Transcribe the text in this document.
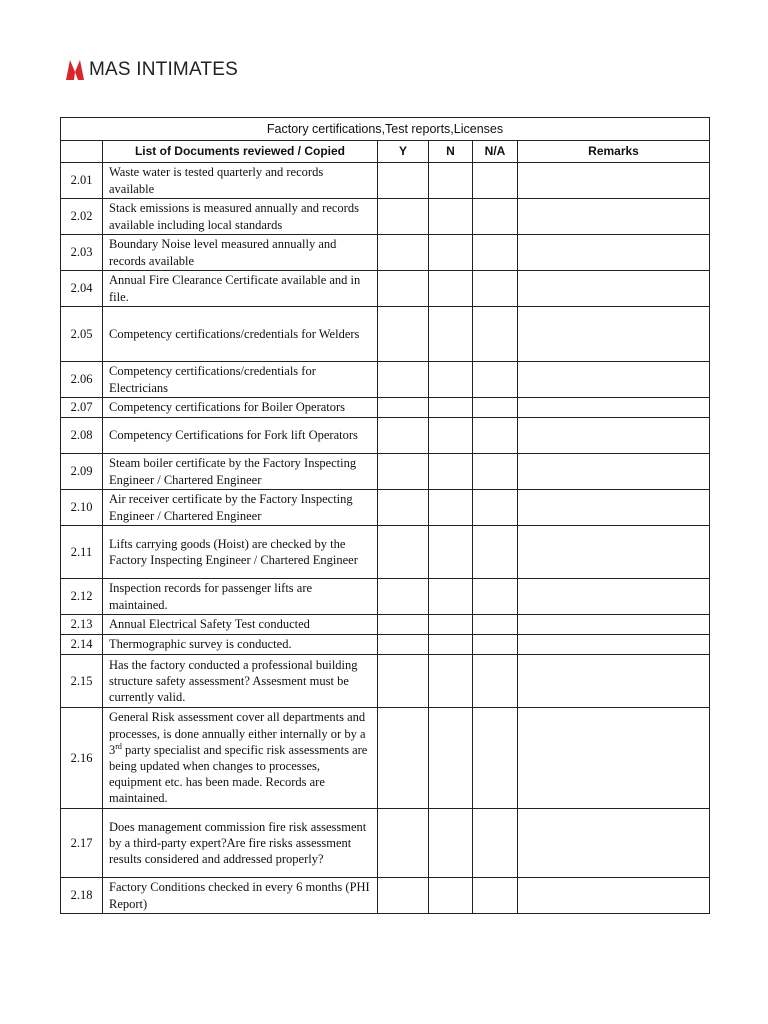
MAS INTIMATES
Factory certifications,Test reports,Licenses					
	List of Documents reviewed / Copied	Y	N	N/A	Remarks
2.01	Waste water is tested quarterly and records available				
2.02	Stack emissions is measured annually and records available including local standards				
2.03	Boundary Noise level measured annually and records available				
2.04	Annual Fire Clearance Certificate available and in file.				
2.05	Competency certifications/credentials for Welders				
2.06	Competency certifications/credentials for Electricians				
2.07	Competency certifications for Boiler Operators				
2.08	Competency Certifications for Fork lift Operators				
2.09	Steam boiler certificate by the Factory Inspecting Engineer / Chartered Engineer				
2.10	Air receiver certificate by the Factory Inspecting Engineer / Chartered Engineer				
2.11	Lifts carrying goods (Hoist) are checked by the Factory Inspecting Engineer / Chartered Engineer				
2.12	Inspection records for passenger lifts are maintained.				
2.13	Annual Electrical Safety Test conducted				
2.14	Thermographic survey is conducted.				
2.15	Has the factory conducted a professional building structure safety assessment? Assesment must be currently valid.				
2.16	General Risk assessment cover all departments and processes, is done annually either internally or by a 3rd party specialist and specific risk assessments are being updated when changes to processes, equipment etc. has been made. Records are maintained.				
2.17	Does management commission fire risk assessment by a third-party expert?Are fire risks assessment results considered and addressed properly?				
2.18	Factory Conditions checked in every 6 months (PHI Report)				
